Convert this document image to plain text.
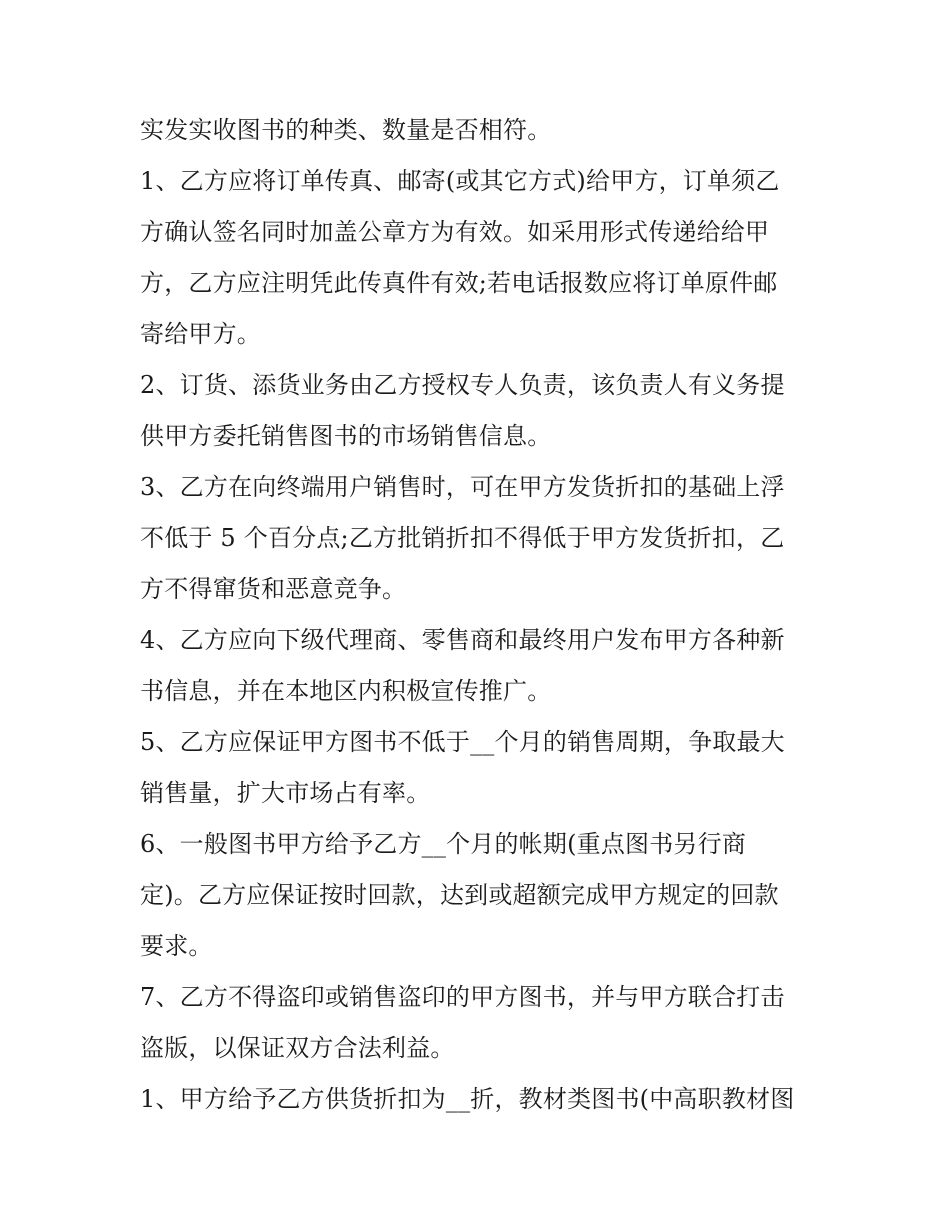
实发实收图书的种类、数量是否相符。

1、乙方应将订单传真、邮寄(或其它方式)给甲方，订单须乙

方确认签名同时加盖公章方为有效。如采用形式传递给给甲

方，乙方应注明凭此传真件有效;若电话报数应将订单原件邮

寄给甲方。

2、订货、添货业务由乙方授权专人负责，该负责人有义务提

供甲方委托销售图书的市场销售信息。

3、乙方在向终端用户销售时，可在甲方发货折扣的基础上浮

不低于 5 个百分点;乙方批销折扣不得低于甲方发货折扣，乙

方不得窜货和恶意竞争。

4、乙方应向下级代理商、零售商和最终用户发布甲方各种新

书信息，并在本地区内积极宣传推广。

5、乙方应保证甲方图书不低于__个月的销售周期，争取最大

销售量，扩大市场占有率。

6、一般图书甲方给予乙方__个月的帐期(重点图书另行商

定)。乙方应保证按时回款，达到或超额完成甲方规定的回款

要求。

7、乙方不得盗印或销售盗印的甲方图书，并与甲方联合打击

盗版，以保证双方合法利益。

1、甲方给予乙方供货折扣为__折，教材类图书(中高职教材图
